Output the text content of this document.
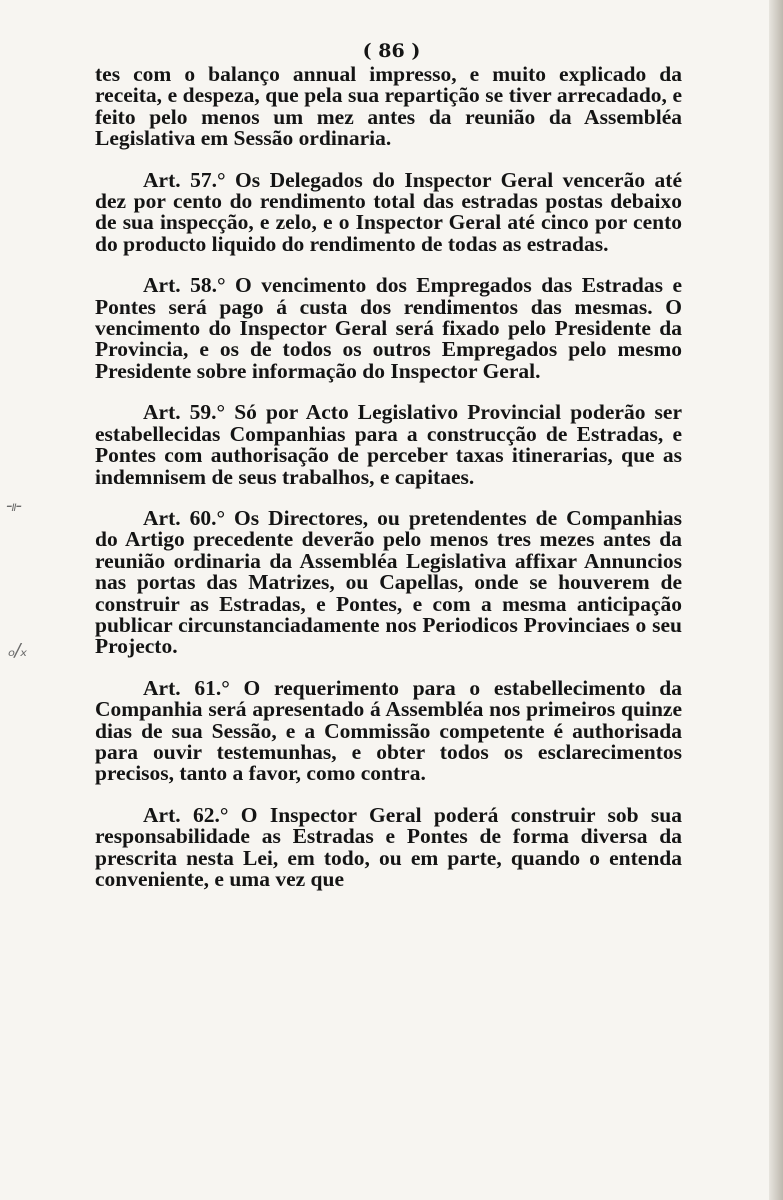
( 86 )

tes com o balanço annual impresso, e muito explicado da receita, e despeza, que pela sua repartição se tiver arrecadado, e feito pelo menos um mez antes da reunião da Assembléa Legislativa em Sessão ordinaria.

Art. 57.° Os Delegados do Inspector Geral vencerão até dez por cento do rendimento total das estradas postas debaixo de sua inspecção, e zelo, e o Inspector Geral até cinco por cento do producto liquido do rendimento de todas as estradas.

Art. 58.° O vencimento dos Empregados das Estradas e Pontes será pago á custa dos rendimentos das mesmas. O vencimento do Inspector Geral será fixado pelo Presidente da Provincia, e os de todos os outros Empregados pelo mesmo Presidente sobre informação do Inspector Geral.

Art. 59.° Só por Acto Legislativo Provincial poderão ser estabellecidas Companhias para a construcção de Estradas, e Pontes com authorisação de perceber taxas itinerarias, que as indemnisem de seus trabalhos, e capitaes.

Art. 60.° Os Directores, ou pretendentes de Companhias do Artigo precedente deverão pelo menos tres mezes antes da reunião ordinaria da Assembléa Legislativa affixar Annuncios nas portas das Matrizes, ou Capellas, onde se houverem de construir as Estradas, e Pontes, e com a mesma anticipação publicar circunstanciadamente nos Periodicos Provinciaes o seu Projecto.

Art. 61.° O requerimento para o estabellecimento da Companhia será apresentado á Assembléa nos primeiros quinze dias de sua Sessão, e a Commissão competente é authorisada para ouvir testemunhas, e obter todos os esclarecimentos precisos, tanto a favor, como contra.

Art. 62.° O Inspector Geral poderá construir sob sua responsabilidade as Estradas e Pontes de forma diversa da prescrita nesta Lei, em todo, ou em parte, quando o entenda conveniente, e uma vez que

-ₗₗ-
ₒ/ₓ
